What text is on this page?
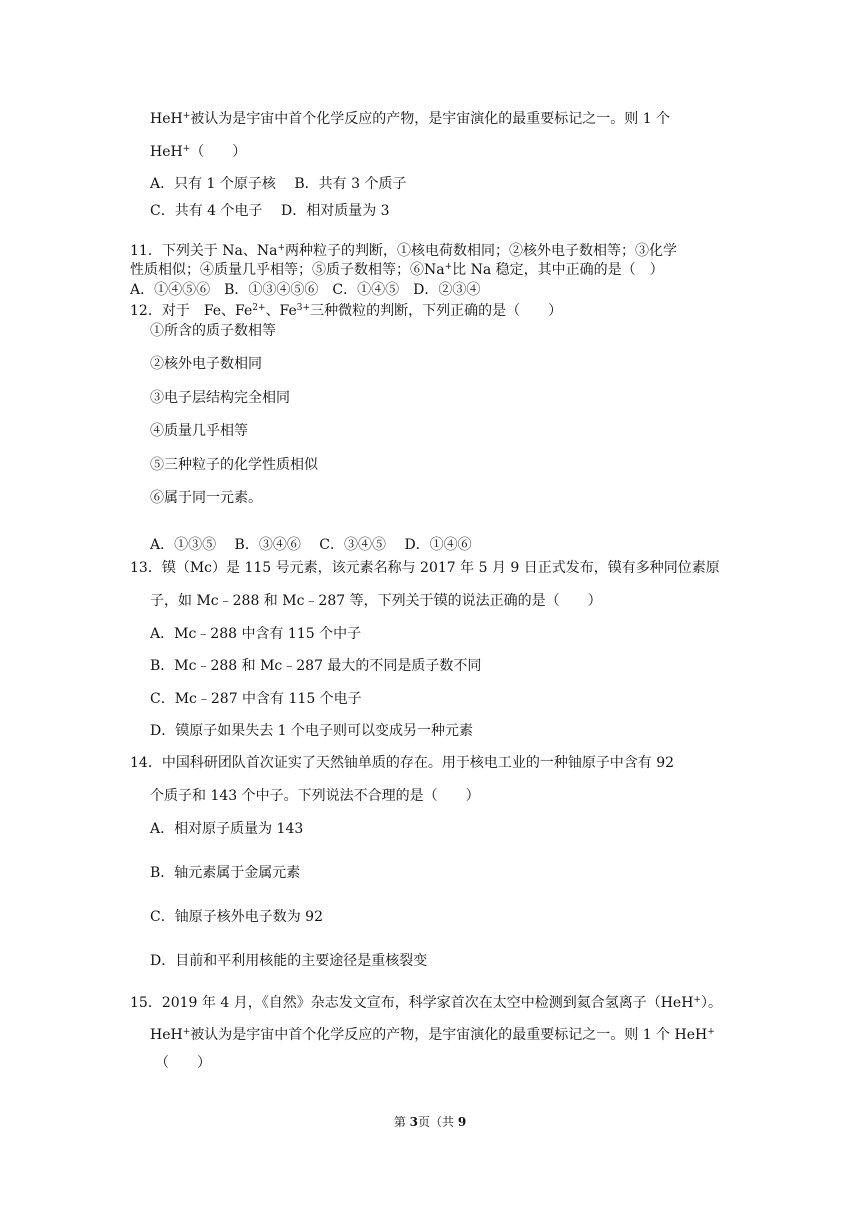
HeH+被认为是宇宙中首个化学反应的产物，是宇宙演化的最重要标记之一。则 1 个
HeH+（　　）
A．只有 1 个原子核　 B．共有 3 个质子
C．共有 4 个电子　 D．相对质量为 3
11．下列关于 Na、Na+两种粒子的判断，①核电荷数相同；②核外电子数相等；③化学
性质相似；④质量几乎相等；⑤质子数相等；⑥Na+比 Na 稳定，其中正确的是（　）
A．①④⑤⑥　B．①③④⑤⑥　C．①④⑤　D．②③④
12．对于　Fe、$Fe^{2+}$、$Fe^{3+}$三种微粒的判断，下列正确的是（　　）
①所含的质子数相等
②核外电子数相同
③电子层结构完全相同
④质量几乎相等
⑤三种粒子的化学性质相似
⑥属于同一元素。
A．①③⑤　 B．③④⑥　 C．③④⑤　 D．①④⑥
13．镆（Mc）是 115 号元素，该元素名称与 2017 年 5 月 9 日正式发布，镆有多种同位素原
子，如 Mc﹣288 和 Mc﹣287 等，下列关于镆的说法正确的是（　　）
A．Mc﹣288 中含有 115 个中子
B．Mc﹣288 和 Mc﹣287 最大的不同是质子数不同
C．Mc﹣287 中含有 115 个电子
D．镆原子如果失去 1 个电子则可以变成另一种元素
14．中国科研团队首次证实了天然铀单质的存在。用于核电工业的一种铀原子中含有 92
个质子和 143 个中子。下列说法不合理的是（　　）
A．相对原子质量为 143
B．轴元素属于金属元素
C．铀原子核外电子数为 92
D．目前和平利用核能的主要途径是重核裂变
15．2019 年 4 月，《自然》杂志发文宣布，科学家首次在太空中检测到氦合氢离子（HeH+）。
HeH+被认为是宇宙中首个化学反应的产物，是宇宙演化的最重要标记之一。则 1 个 HeH+
（　　）
第 3页（共 9
